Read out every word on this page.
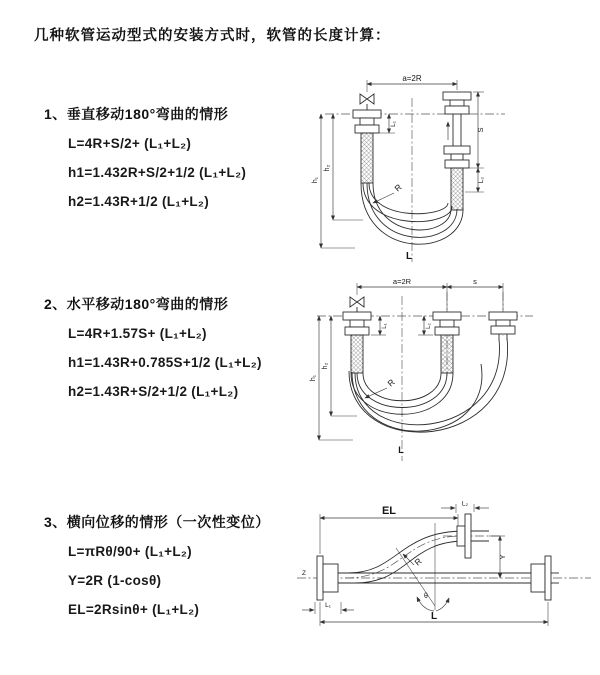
几种软管运动型式的安装方式时，软管的长度计算：
1、垂直移动180°弯曲的情形
L=4R+S/2+ (L₁+L₂)
h1=1.432R+S/2+1/2 (L₁+L₂)
h2=1.43R+1/2 (L₁+L₂)
2、水平移动180°弯曲的情形
L=4R+1.57S+ (L₁+L₂)
h1=1.43R+0.785S+1/2 (L₁+L₂)
h2=1.43R+S/2+1/2 (L₁+L₂)
3、横向位移的情形（一次性变位）
L=πRθ/90+ (L₁+L₂)
Y=2R (1-cosθ)
EL=2Rsinθ+ (L₁+L₂)
a=2R
h₁
h₂
L₁
S
L₂
R
L
a=2R	s
L₁	L₂
h₁
h₂
R
L
Z
EL
L₂
R
θ
Y
L₁
L
